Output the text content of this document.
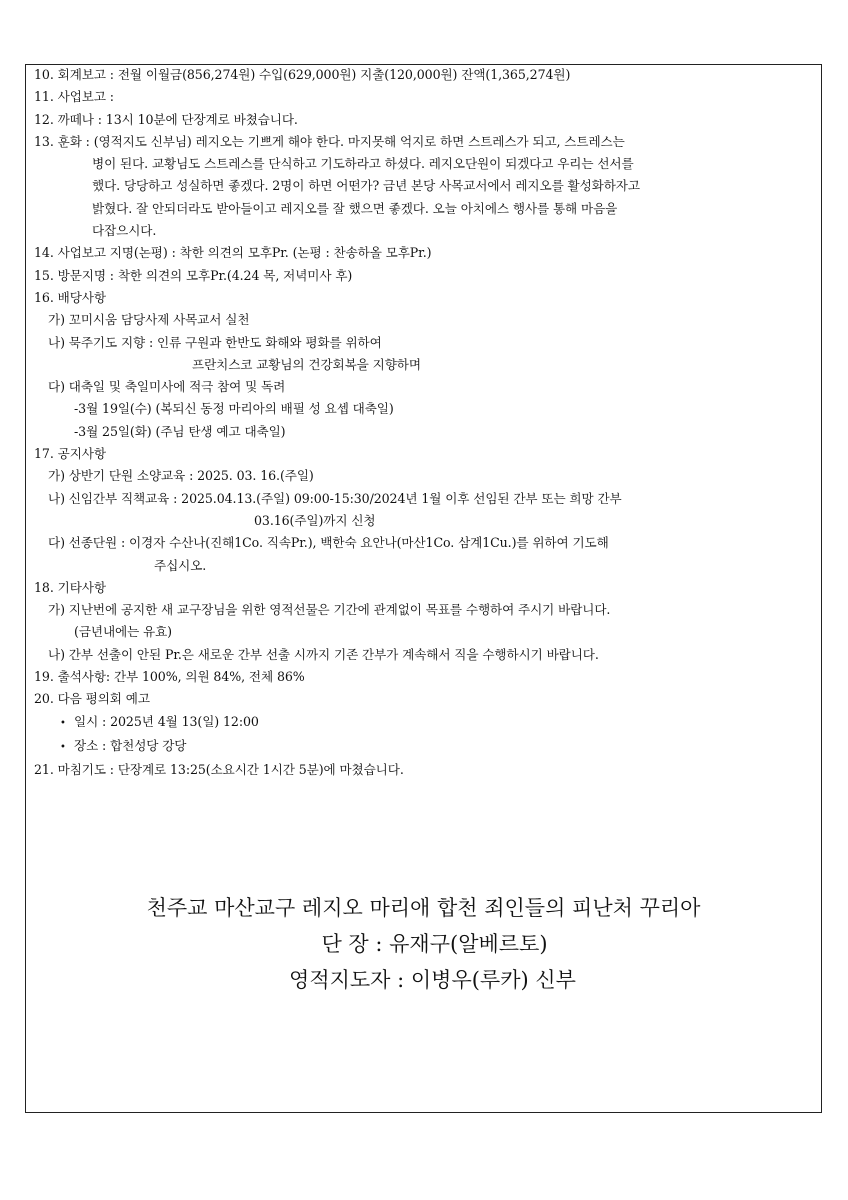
10. 회계보고 : 전월 이월금(856,274원) 수입(629,000원) 지출(120,000원) 잔액(1,365,274원)
11. 사업보고 :
12. 까떼나 : 13시 10분에 단장계로 바쳤습니다.
13. 훈화 : (영적지도 신부님) 레지오는 기쁘게 해야 한다. 마지못해 억지로 하면 스트레스가 되고, 스트레스는
병이 된다. 교황님도 스트레스를 단식하고 기도하라고 하셨다. 레지오단원이 되겠다고 우리는 선서를
했다. 당당하고 성실하면 좋겠다. 2명이 하면 어떤가? 금년 본당 사목교서에서 레지오를 활성화하자고
밝혔다. 잘 안되더라도 받아들이고 레지오를 잘 했으면 좋겠다. 오늘 아치에스 행사를 통해 마음을
다잡으시다.
14. 사업보고 지명(논평) : 착한 의견의 모후Pr. (논평 : 찬송하올 모후Pr.)
15. 방문지명 : 착한 의견의 모후Pr.(4.24 목, 저녁미사 후)
16. 배당사항
가) 꼬미시움 담당사제 사목교서 실천
나) 묵주기도 지향 : 인류 구원과 한반도 화해와 평화를 위하여
프란치스코 교황님의 건강회복을 지향하며
다) 대축일 및 축일미사에 적극 참여 및 독려
-3월 19일(수) (복되신 동정 마리아의 배필 성 요셉 대축일)
-3월 25일(화) (주님 탄생 예고 대축일)
17. 공지사항
가) 상반기 단원 소양교육 : 2025. 03. 16.(주일)
나) 신임간부 직책교육 : 2025.04.13.(주일) 09:00-15:30/2024년 1월 이후 선임된 간부 또는 희망 간부
03.16(주일)까지 신청
다) 선종단원 : 이경자 수산나(진해1Co. 직속Pr.), 백한숙 요안나(마산1Co. 삼계1Cu.)를 위하여 기도해
주십시오.
18. 기타사항
가) 지난번에 공지한 새 교구장님을 위한 영적선물은 기간에 관계없이 목표를 수행하여 주시기 바랍니다.
(금년내에는 유효)
나) 간부 선출이 안된 Pr.은 새로운 간부 선출 시까지 기존 간부가 계속해서 직을 수행하시기 바랍니다.
19. 출석사항: 간부 100%, 의원 84%, 전체 86%
20. 다음 평의회 예고
• 일시 : 2025년 4월 13(일) 12:00
• 장소 : 합천성당 강당
21. 마침기도 : 단장계로 13:25(소요시간 1시간 5분)에 마쳤습니다.
천주교 마산교구 레지오 마리애 합천 죄인들의 피난처 꾸리아
단 장 : 유재구(알베르토)
영적지도자 : 이병우(루카) 신부
